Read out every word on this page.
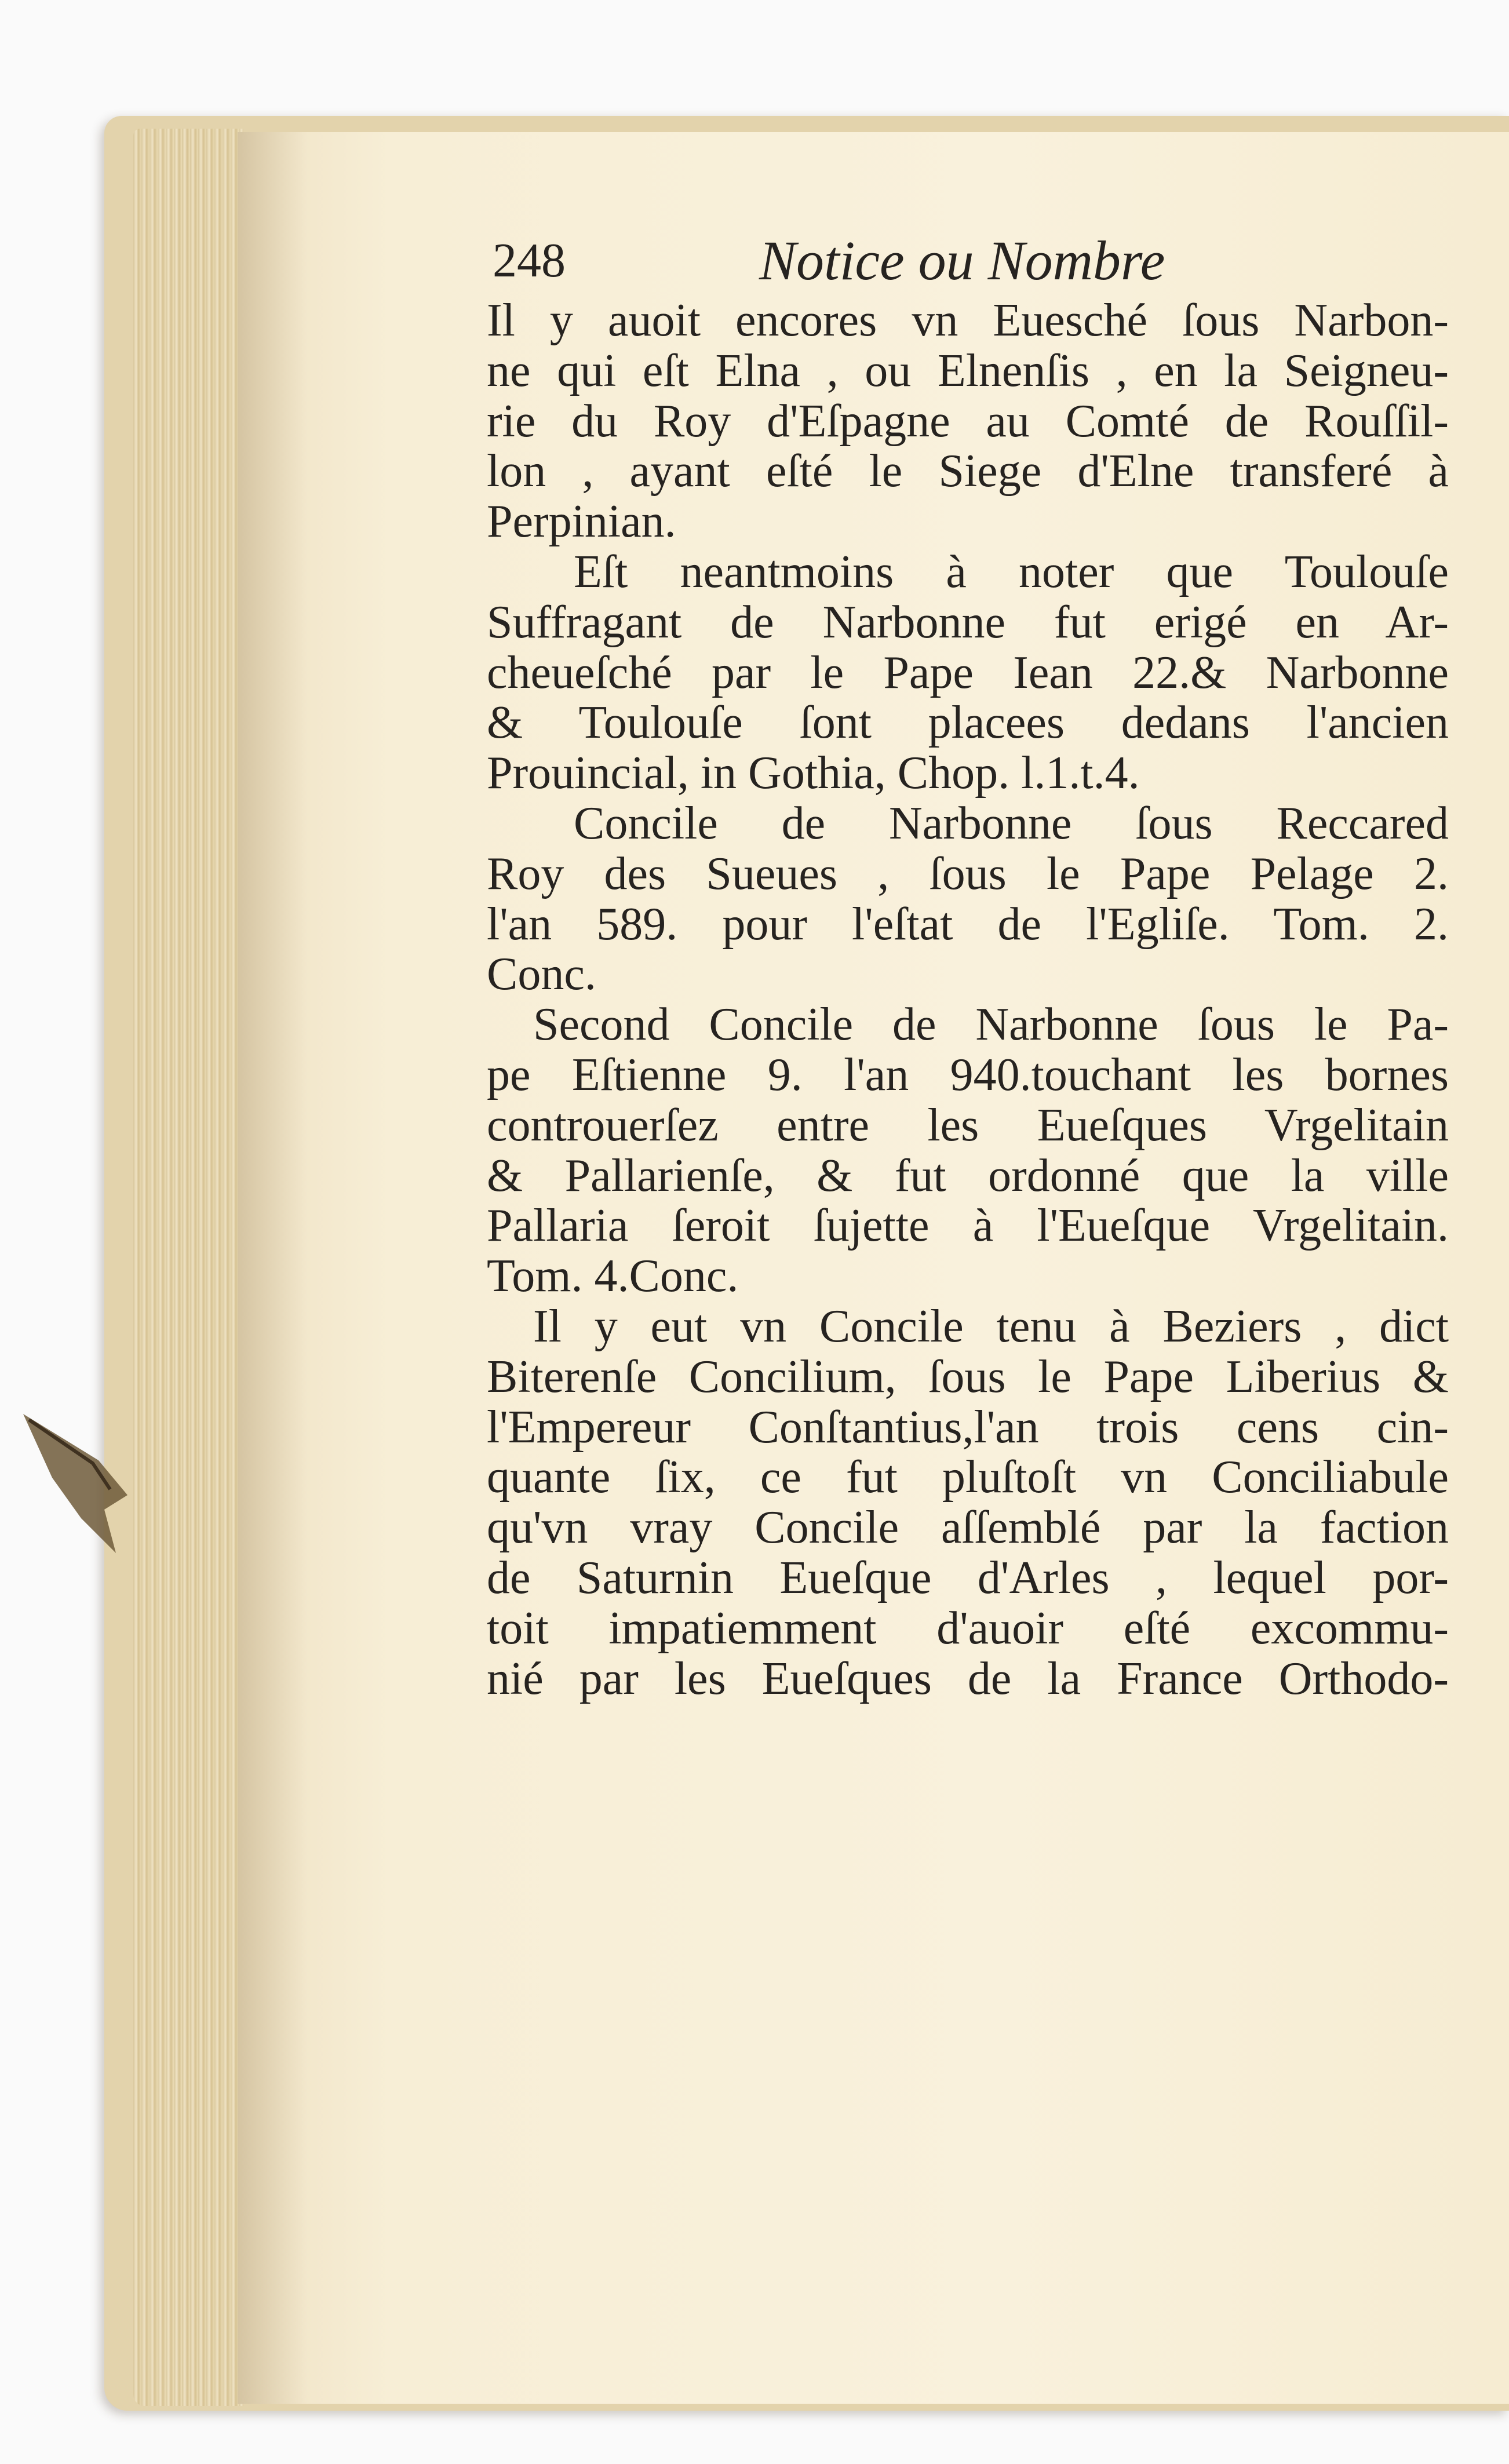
248	Notice ou Nombre
Il y auoit encores vn Euesché ſous Narbon-
ne qui eſt Elna , ou Elnenſis , en la Seigneu-
rie du Roy d'Eſpagne au Comté de Rouſſil-
lon , ayant eſté le Siege d'Elne transferé à
Perpinian.
Eſt neantmoins à noter que Toulouſe
Suffragant de Narbonne fut erigé en Ar-
cheueſché par le Pape Iean 22.& Narbonne
& Toulouſe ſont placees dedans l'ancien
Prouincial, in Gothia, Chop. l.1.t.4.
Concile de Narbonne ſous Reccared
Roy des Sueues , ſous le Pape Pelage 2.
l'an 589. pour l'eſtat de l'Egliſe. Tom. 2.
Conc.
Second Concile de Narbonne ſous le Pa-
pe Eſtienne 9. l'an 940.touchant les bornes
controuerſez entre les Eueſques Vrgelitain
& Pallarienſe, & fut ordonné que la ville
Pallaria ſeroit ſujette à l'Eueſque Vrgelitain.
Tom. 4.Conc.
Il y eut vn Concile tenu à Beziers , dict
Biterenſe Concilium, ſous le Pape Liberius &
l'Empereur Conſtantius,l'an trois cens cin-
quante ſix, ce fut pluſtoſt vn Conciliabule
qu'vn vray Concile aſſemblé par la faction
de Saturnin Eueſque d'Arles , lequel por-
toit impatiemment d'auoir eſté excommu-
nié par les Eueſques de la France Orthodo-
